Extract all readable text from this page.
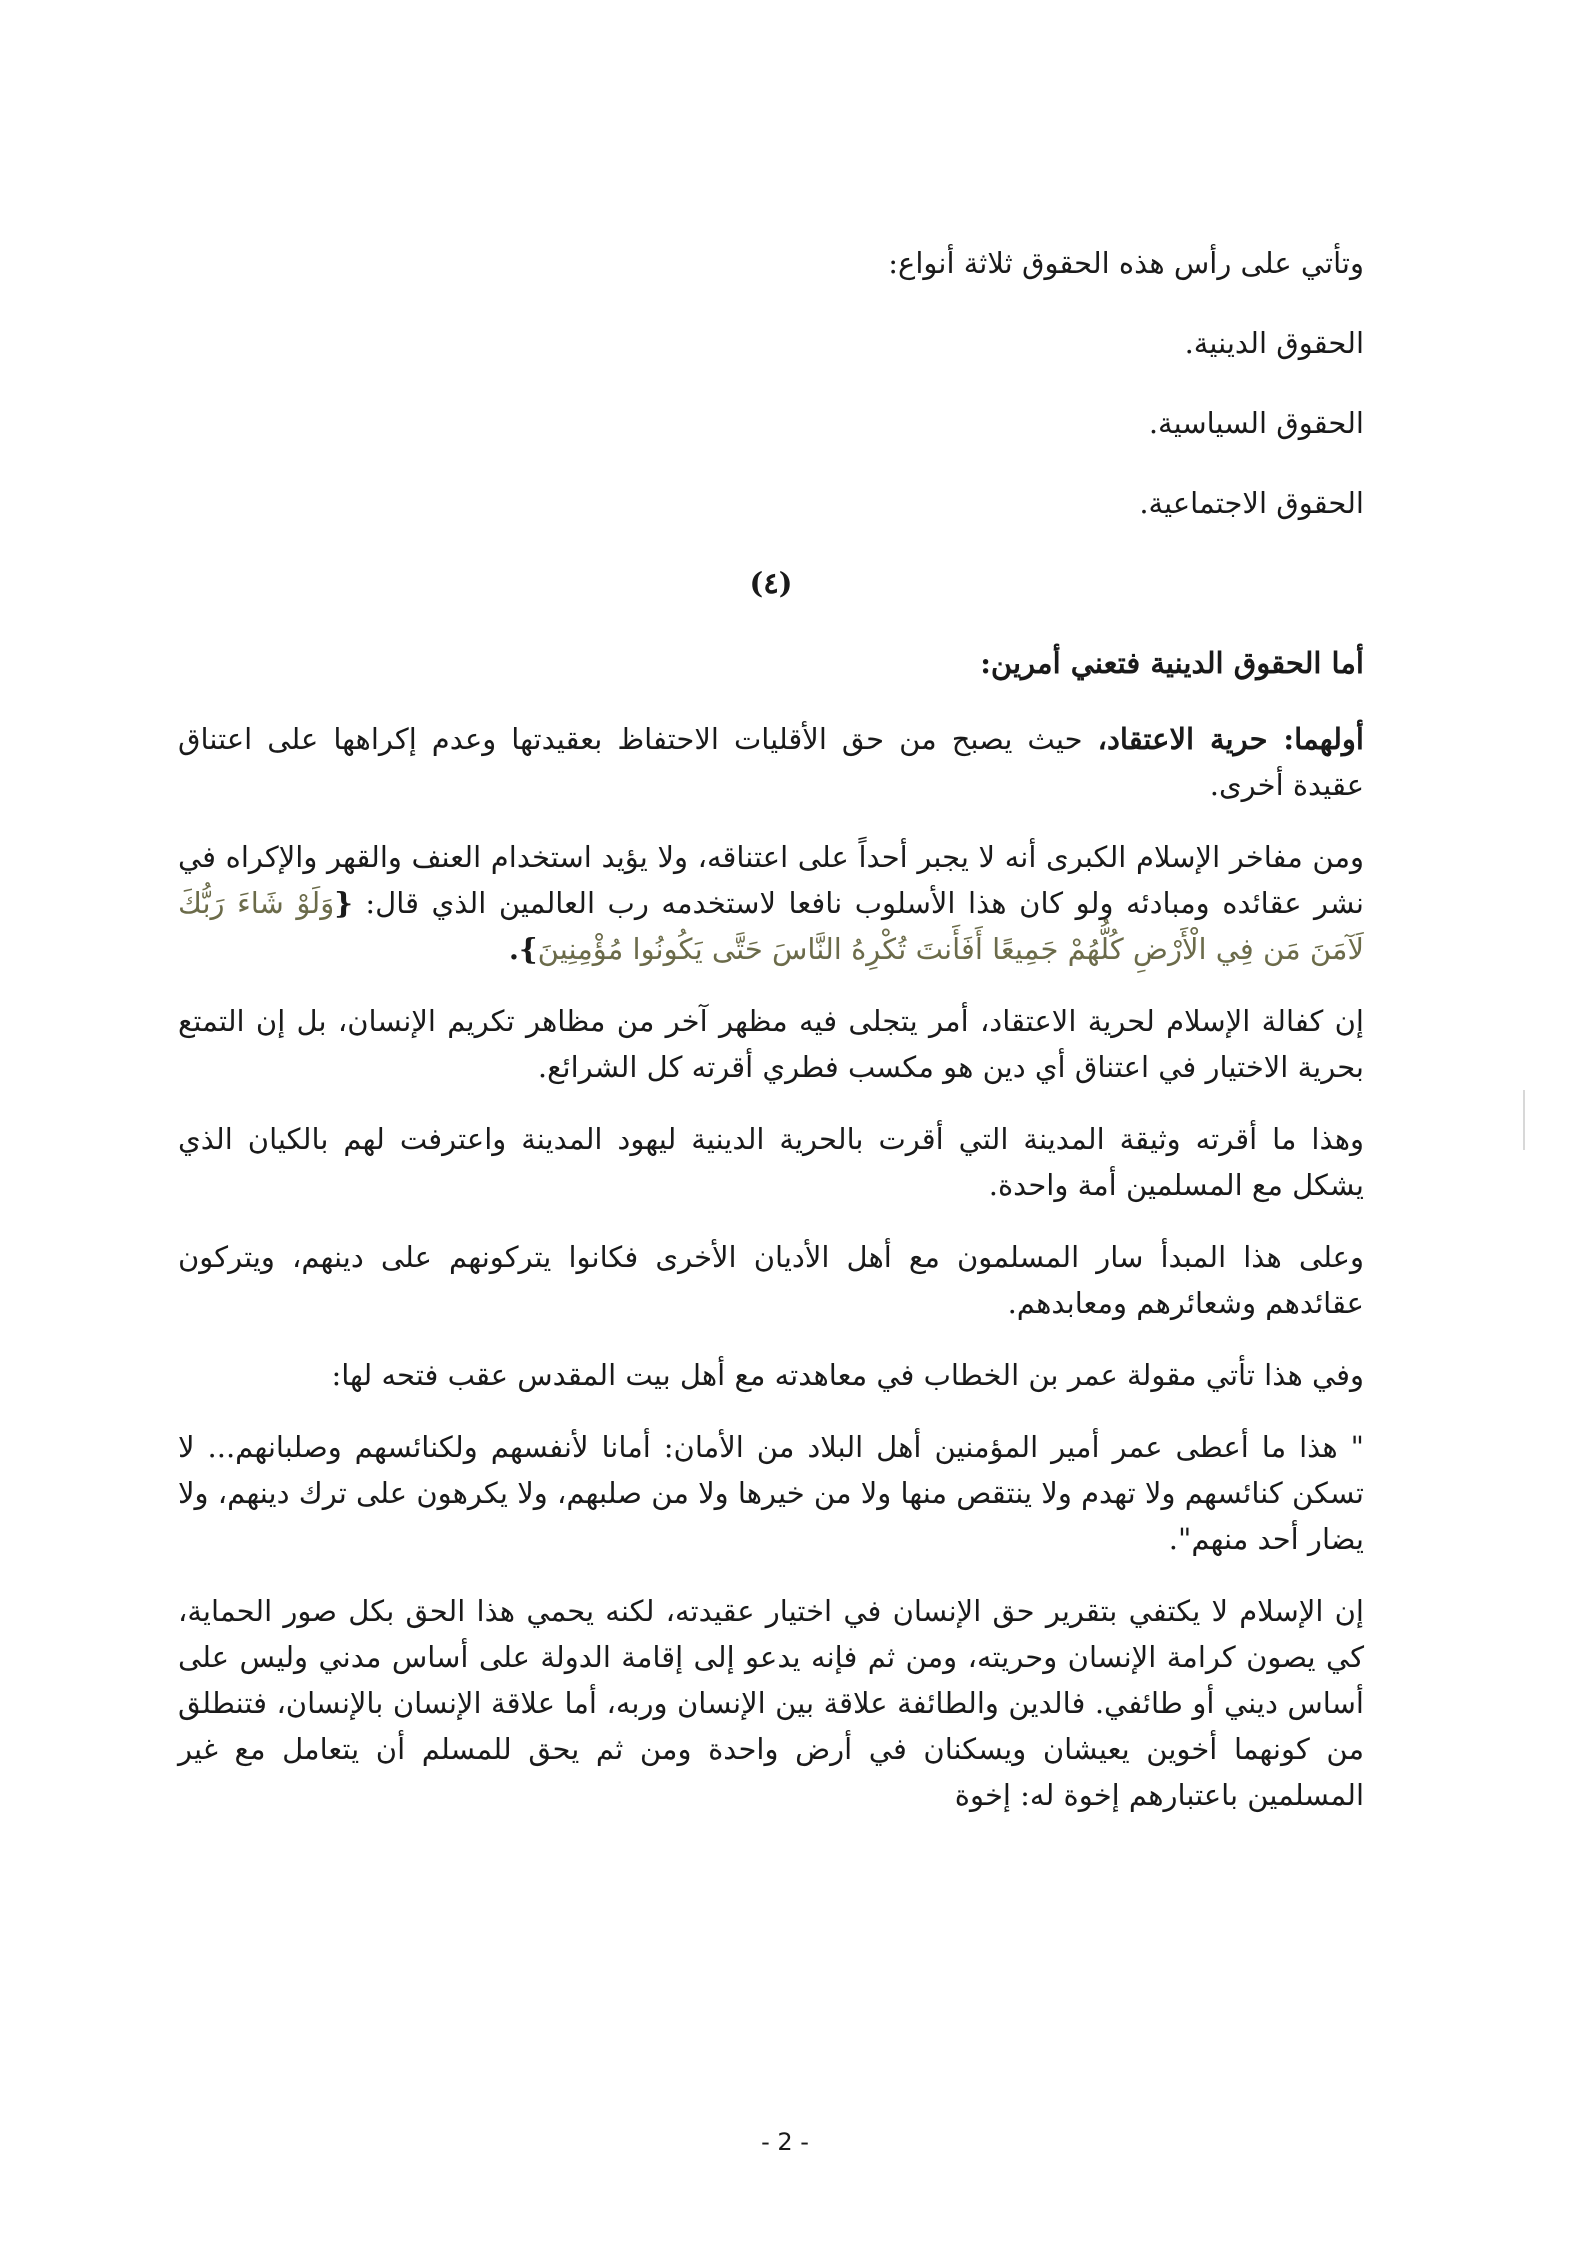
وتأتي على رأس هذه الحقوق ثلاثة أنواع:

الحقوق الدينية.

الحقوق السياسية.

الحقوق الاجتماعية.

(٤)

أما الحقوق الدينية فتعني أمرين:

أولهما: حرية الاعتقاد، حيث يصبح من حق الأقليات الاحتفاظ بعقيدتها وعدم إكراهها على اعتناق عقيدة أخرى.

ومن مفاخر الإسلام الكبرى أنه لا يجبر أحداً على اعتناقه، ولا يؤيد استخدام العنف والقهر والإكراه في نشر عقائده ومبادئه ولو كان هذا الأسلوب نافعا لاستخدمه رب العالمين الذي قال: {وَلَوْ شَاءَ رَبُّكَ لَآمَنَ مَن فِي الْأَرْضِ كُلُّهُمْ جَمِيعًا أَفَأَنتَ تُكْرِهُ النَّاسَ حَتَّى يَكُونُوا مُؤْمِنِينَ}.

إن كفالة الإسلام لحرية الاعتقاد، أمر يتجلى فيه مظهر آخر من مظاهر تكريم الإنسان، بل إن التمتع بحرية الاختيار في اعتناق أي دين هو مكسب فطري أقرته كل الشرائع.

وهذا ما أقرته وثيقة المدينة التي أقرت بالحرية الدينية ليهود المدينة واعترفت لهم بالكيان الذي يشكل مع المسلمين أمة واحدة.

وعلى هذا المبدأ سار المسلمون مع أهل الأديان الأخرى فكانوا يتركونهم على دينهم، ويتركون عقائدهم وشعائرهم ومعابدهم.

وفي هذا تأتي مقولة عمر بن الخطاب في معاهدته مع أهل بيت المقدس عقب فتحه لها:

" هذا ما أعطى عمر أمير المؤمنين أهل البلاد من الأمان: أمانا لأنفسهم ولكنائسهم وصلبانهم... لا تسكن كنائسهم ولا تهدم ولا ينتقص منها ولا من خيرها ولا من صلبهم، ولا يكرهون على ترك دينهم، ولا يضار أحد منهم".

إن الإسلام لا يكتفي بتقرير حق الإنسان في اختيار عقيدته، لكنه يحمي هذا الحق بكل صور الحماية، كي يصون كرامة الإنسان وحريته، ومن ثم فإنه يدعو إلى إقامة الدولة على أساس مدني وليس على أساس ديني أو طائفي. فالدين والطائفة علاقة بين الإنسان وربه، أما علاقة الإنسان بالإنسان، فتنطلق من كونهما أخوين يعيشان ويسكنان في أرض واحدة ومن ثم يحق للمسلم أن يتعامل مع غير المسلمين باعتبارهم إخوة له: إخوة

- 2 -
